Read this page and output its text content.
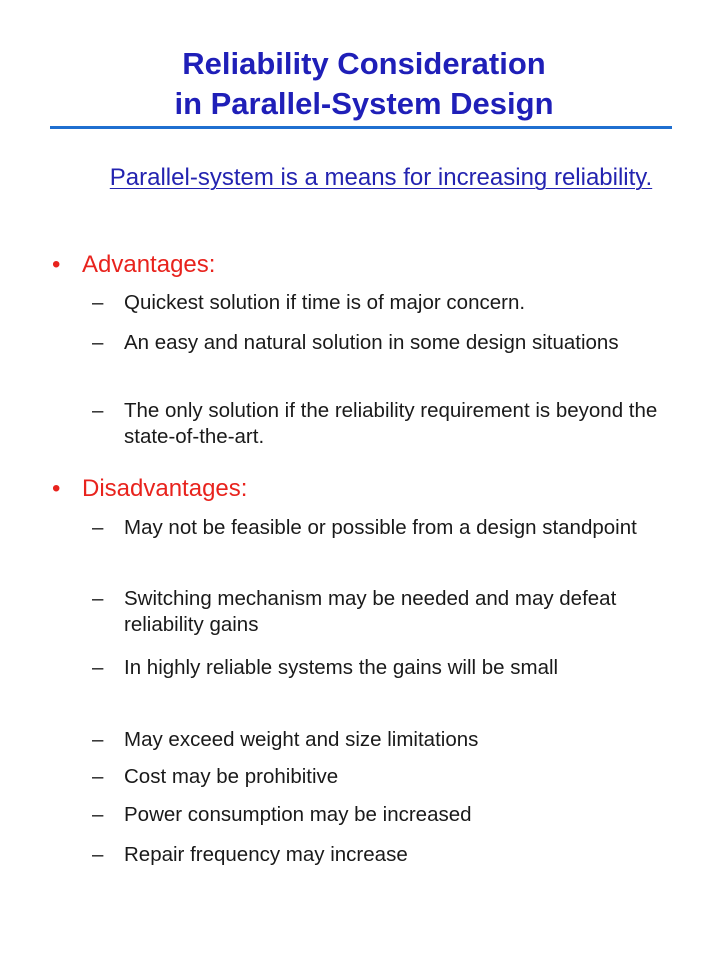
Reliability Consideration
in Parallel-System Design
Parallel-system is a means for increasing reliability.
• Advantages:
–	Quickest solution if time is of major concern.
–	An easy and natural solution in some design situations
–	The only solution if the reliability requirement is beyond the state-of-the-art.
• Disadvantages:
–	May not be feasible or possible from a design standpoint
–	Switching mechanism may be needed and may defeat reliability gains
–	In highly reliable systems the gains will be small
–	May exceed weight and size limitations
–	Cost may be prohibitive
–	Power consumption may be increased
–	Repair frequency may increase
